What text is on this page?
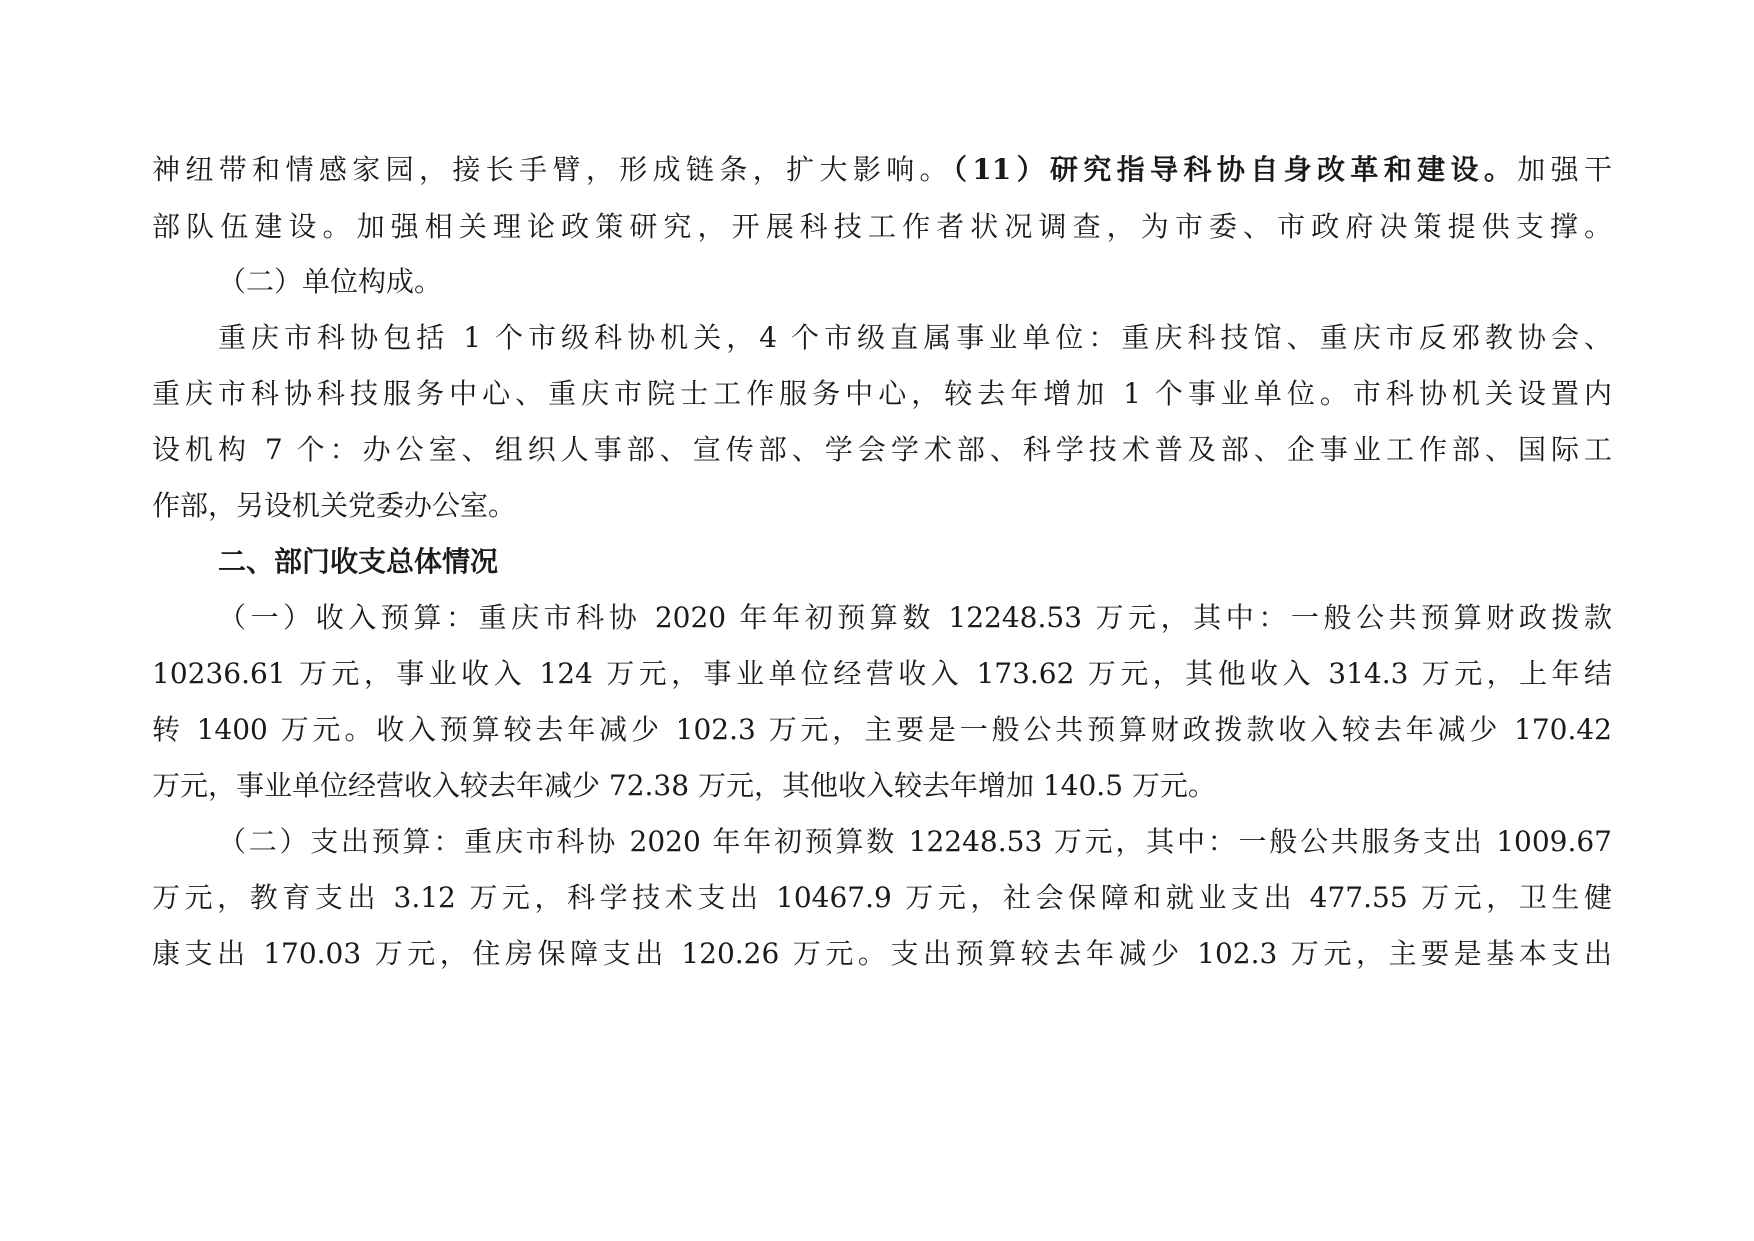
神纽带和情感家园，接长手臂，形成链条，扩大影响。（11）研究指导科协自身改革和建设。加强干
部队伍建设。加强相关理论政策研究，开展科技工作者状况调查，为市委、市政府决策提供支撑。
（二）单位构成。
重庆市科协包括 1 个市级科协机关，4 个市级直属事业单位：重庆科技馆、重庆市反邪教协会、
重庆市科协科技服务中心、重庆市院士工作服务中心，较去年增加 1 个事业单位。市科协机关设置内
设机构 7 个：办公室、组织人事部、宣传部、学会学术部、科学技术普及部、企事业工作部、国际工
作部，另设机关党委办公室。
二、部门收支总体情况
（一）收入预算：重庆市科协 2020 年年初预算数 12248.53 万元，其中：一般公共预算财政拨款
10236.61 万元，事业收入 124 万元，事业单位经营收入 173.62 万元，其他收入 314.3 万元，上年结
转 1400 万元。收入预算较去年减少 102.3 万元，主要是一般公共预算财政拨款收入较去年减少 170.42
万元，事业单位经营收入较去年减少 72.38 万元，其他收入较去年增加 140.5 万元。
（二）支出预算：重庆市科协 2020 年年初预算数 12248.53 万元，其中：一般公共服务支出 1009.67
万元，教育支出 3.12 万元，科学技术支出 10467.9 万元，社会保障和就业支出 477.55 万元，卫生健
康支出 170.03 万元，住房保障支出 120.26 万元。支出预算较去年减少 102.3 万元，主要是基本支出
